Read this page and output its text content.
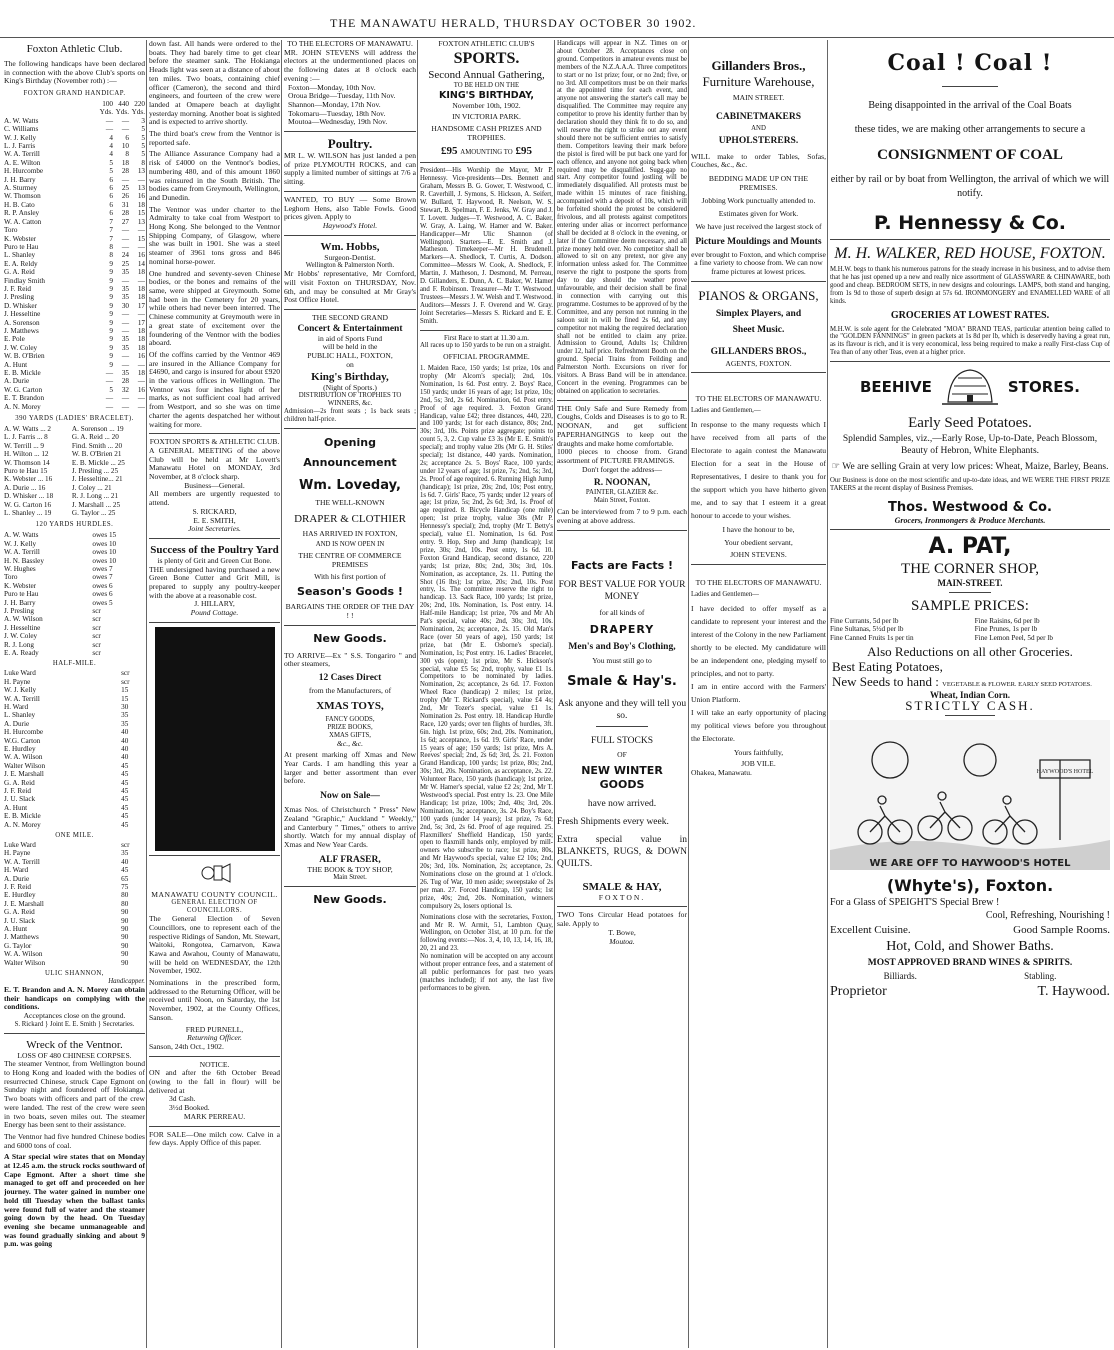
THE MANAWATU HERALD, THURSDAY OCTOBER 30 1902.
Foxton Athletic Club.
The following handicaps have been declared in connection with the above Club's sports on King's Birthday (November roth) :—
FOXTON GRAND HANDICAP.
	100 Yds.	440 Yds.	220 Yds.
A. W. Watts	—	—	3
C. Williams	—	—	5
W. J. Kelly	4	6	5
L. J. Farris	4	10	5
W. A. Terrill	4	8	5
A. E. Wilton	5	18	8
H. Hurcombe	5	28	13
J. H. Barry	6	—	—
A. Sturmey	6	25	13
W. Thomson	6	26	16
H. B. Cato	6	31	18
R. P. Ansley	6	28	15
W. A. Catton	7	27	13
Toro	7	—	—
K. Webster	7	—	15
Puro te Hau	8	—	—
L. Shanley	8	24	16
E. A. Reldy	9	25	14
G. A. Reid	9	35	18
Findlay Smith	9	—	—
J. F. Reid	9	35	18
J. Presling	9	35	18
D. Whisker	9	30	17
J. Hesseltine	9	—	—
A. Sorenson	9	—	17
J. Matthews	9	—	18
E. Pole	9	35	18
J. W. Coley	9	35	18
W. B. O'Brien	9	—	16
A. Hunt	9	—	—
E. B. Mickle	—	35	18
A. Durie	—	28	—
W. G. Carton	5	32	16
E. T. Brandon	—	—	—
A. N. Morey	—	—	—
390 YARDS (LADIES' BRACELET).
A. W. Watts ... 2	A. Sorenson ... 19
L. J. Farris ... 8	G. A. Reid ... 20
W. Terrill ... 9	Find. Smith ... 20
H. Wilton ... 12	W. B. O'Brien 21
W. Thomson 14	E. B. Mickle ... 25
Puro te Hau 15	J. Presling ... 25
K. Webster ... 16	J. Hesseltine... 21
A. Durie ... 16	J. Coley ... 21
D. Whisker ... 18	R. J. Long ... 21
W. G. Carton 16	J. Marshall ... 25
L. Shanley ... 19	G. Taylor ... 25
120 YARDS HURDLES.
A. W. Watts	owes 15
W. J. Kelly	owes 10
W. A. Terrill	owes 10
H. N. Bassley	owes 10
W. Hughes	owes 7
Toro	owes 7
K. Webster	owes 6
Puro te Hau	owes 6
J. H. Barry	owes 5
J. Presling	scr
A. W. Wilson	scr
J. Hesseltine	scr
J. W. Coley	scr
R. J. Long	scr
E. A. Ready	scr
HALF-MILE.
Luke Ward	scr
H. Payne	scr
W. J. Kelly	15
W. A. Terrill	15
H. Ward	30
L. Shanley	35
A. Durie	35
H. Hurcombe	40
W.G. Carton	40
E. Hurdley	40
W. A. Wilson	40
Walter Wilson	45
J. E. Marshall	45
G. A. Reid	45
J. F. Reid	45
J. U. Slack	45
A. Hunt	45
E. B. Mickle	45
A. N. Morey	45
ONE MILE.
Luke Ward	scr
H. Payne	35
W. A. Terrill	40
H. Ward	45
A. Durie	65
J. F. Reid	75
E. Hurdley	80
J. E. Marshall	80
G. A. Reid	90
J. U. Slack	90
A. Hunt	90
J. Matthews	90
G. Taylor	90
W. A. Wilson	90
Walter Wilson	90
ULIC SHANNON,
Handicapper.
E. T. Brandon and A. N. Morey can obtain their handicaps on complying with the conditions.
Acceptances close on the ground.
S. Rickard } Joint E. E. Smith } Secretaries.
Wreck of the Ventnor.
LOSS OF 480 CHINESE CORPSES.
The steamer Ventnor, from Wellington bound to Hong Kong and loaded with the bodies of resurrected Chinese, struck Cape Egmont on Sunday night and foundered off Hokianga. Two boats with officers and part of the crew were landed. The rest of the crew were seen in two boats, seven miles out. The steamer Energy has been sent to their assistance.
The Ventnor had five hundred Chinese bodies and 6000 tons of coal.
A Star special wire states that on Monday at 12.45 a.m. the struck rocks southward of Cape Egmont. After a short time she managed to get off and proceeded on her journey. The water gained in number one hold till Tuesday when the ballast tanks were found full of water and the steamer going down by the head. On Tuesday evening she became unmanageable and was found gradually sinking and about 9 p.m. was going
down fast. All hands were ordered to the boats. They had barely time to get clear before the steamer sank. The Hokianga Heads light was seen at a distance of about ten miles. Two boats, containing chief officer (Cameron), the second and third engineers, and fourteen of the crew were landed at Omapere beach at daylight yesterday morning. Another boat is sighted and is expected to arrive shortly.
The third boat's crew from the Ventnor is reported safe.
The Alliance Assurance Company had a risk of £4000 on the Ventnor's bodies, numbering 480, and of this amount 1860 was reinsured in the South British. The bodies came from Greymouth, Wellington, and Dunedin.
The Ventnor was under charter to the Admiralty to take coal from Westport to Hong Kong. She belonged to the Ventnor Shipping Company, of Glasgow, where she was built in 1901. She was a steel steamer of 3961 tons gross and 846 nominal horse-power.
One hundred and seventy-seven Chinese bodies, or the bones and remains of the same, were shipped at Greymouth. Some had been in the Cemetery for 20 years, while others had never been interred. The Chinese community at Greymouth were in a great state of excitement over the foundering of the Ventnor with the bodies aboard.
Of the coffins carried by the Ventnor 469 are insured in the Alliance Company for £4690, and cargo is insured for about £920 in the various offices in Wellington. The Ventnor was four inches light of her marks, as not sufficient coal had arrived from Westport, and so she was on time charter the agents despatched her without waiting for more.
FOXTON SPORTS & ATHLETIC CLUB.
A GENERAL MEETING of the above Club will be held at Mr Lovett's Manawatu Hotel on MONDAY, 3rd November, at 8 o'clock sharp.
Business—General.
All members are urgently requested to attend.
S. RICKARD,
E. E. SMITH,
Joint Secretaries.
Success of the Poultry Yard
is plenty of Grit and Green Cut Bone.
THE undersigned having purchased a new Green Bone Cutter and Grit Mill, is prepared to supply any poultry-keeper with the above at a reasonable cost.
J. HILLARY,
Pound Cottage.
MANAWATU COUNTY COUNCIL.
GENERAL ELECTION OF COUNCILLORS.
The General Election of Seven Councillors, one to represent each of the respective Ridings of Sandon, Mt. Stewart, Waitoki, Rongotea, Carnarvon, Kawa Kawa and Awahou, County of Manawatu, will be held on WEDNESDAY, the 12th November, 1902.
Nominations in the prescribed form, addressed to the Returning Officer, will be received until Noon, on Saturday, the 1st November, 1902, at the County Offices, Sanson.
FRED PURNELL,
Returning Officer.
Sanson, 24th Oct., 1902.
NOTICE.
ON and after the 6th October Bread (owing to the fall in flour) will be delivered at
3d Cash.
3½d Booked.
MARK PERREAU.
FOR SALE—One milch cow. Calve in a few days. Apply Office of this paper.
TO THE ELECTORS OF MANAWATU.
MR. JOHN STEVENS will address the electors at the undermentioned places on the following dates at 8 o'clock each evening :—
Foxton—Monday, 10th Nov.
Oroua Bridge—Tuesday, 11th Nov.
Shannon—Monday, 17th Nov.
Tokomaru—Tuesday, 18th Nov.
Moutoa—Wednesday, 19th Nov.
Poultry.
MR L. W. WILSON has just landed a pen of prize PLYMOUTH ROCKS, and can supply a limited number of sittings at 7/6 a sitting.
WANTED, TO BUY — Some Brown Leghorn Hens, also Table Fowls. Good prices given. Apply to
Haywood's Hotel.
Wm. Hobbs,
Surgeon-Dentist.
Wellington & Palmerston North.
Mr Hobbs' representative, Mr Cornford, will visit Foxton on THURSDAY, Nov. 6th, and may be consulted at Mr Gray's Post Office Hotel.
THE SECOND GRAND
Concert & Entertainment
in aid of Sports Fund
will be held in the
PUBLIC HALL, FOXTON,
on
King's Birthday,
(Night of Sports.)
DISTRIBUTION OF TROPHIES TO WINNERS, &c.
Admission—2s front seats ; 1s back seats ; children half-price.
Opening Announcement
Wm. Loveday,
THE WELL-KNOWN
DRAPER & CLOTHIER
HAS ARRIVED IN FOXTON,
AND IS NOW OPEN IN
THE CENTRE OF COMMERCE
PREMISES
With his first portion of
Season's Goods !
BARGAINS THE ORDER OF THE DAY ! !
New Goods.
TO ARRIVE—Ex " S.S. Tongariro " and other steamers,
12 Cases Direct
from the Manufacturers, of
XMAS TOYS,
FANCY GOODS,
PRIZE BOOKS,
XMAS GIFTS,
&c., &c.
At present marking off Xmas and New Year Cards. I am handling this year a larger and better assortment than ever before.
Now on Sale—
Xmas Nos. of Christchurch " Press" New Zealand "Graphic," Auckland " Weekly," and Canterbury " Times," others to arrive shortly. Watch for my annual display of Xmas and New Year Cards.
ALF FRASER,
THE BOOK & TOY SHOP,
Main Street.
New Goods.
FOXTON ATHLETIC CLUB'S
SPORTS.
Second Annual Gathering,
TO BE HELD ON THE
KING'S BIRTHDAY,
November 10th, 1902.
IN VICTORIA PARK.
HANDSOME CASH PRIZES AND TROPHIES.
£95 AMOUNTING TO £95
President—His Worship the Mayor, Mr P. Hennessy. Vice-presidents—Drs. Bennett and Graham, Messrs B. G. Gower, T. Westwood, C. R. Caverhill, J. Symons, S. Hickson, A. Seifert, W. Bullard, T. Haywood, R. Neelson, W. S. Stewart, B. Spelman, F. E. Jenks, W. Gray and J. T. Lovett. Judges—T. Westwood, A. C. Baker, W. Gray, A. Laing, W. Hamer and W. Baker. Handicapper—Mr Ulic Shannon (of Wellington). Starters—E. E. Smith and J. Matheson. Timekeeper—Mr H. Brudenell. Markers—A. Shedlock, T. Curtis, A. Dodson. Committee—Messrs W. Cook, A. Shedlock, F. Martin, J. Matheson, J. Desmond, M. Perreau, D. Gillanders, E. Dunn, A. C. Baker, W. Hamer and F. Robinson. Treasurer—Mr T. Westwood. Trustees—Messrs J. W. Welsh and T. Westwood. Auditors—Messrs J. F. Overend and W. Gray. Joint Secretaries—Messrs S. Rickard and E. E. Smith.
First Race to start at 11.30 a.m.
All races up to 150 yards to be run on a straight.
OFFICIAL PROGRAMME.
1. Maiden Race, 150 yards; 1st prize, 10s and trophy (Mr Alcorn's special); 2nd, 10s. Nomination, 1s 6d. Post entry. 2. Boys' Race, 150 yards; under 16 years of age; 1st prize, 10s; 2nd, 5s; 3rd, 2s 6d. Nomination, 6d. Post entry. Proof of age required. 3. Foxton Grand Handicap, value £42; three distances, 440, 220, and 100 yards; 1st for each distance, 80s; 2nd, 30s; 3rd, 10s. Points prize aggregate; points to count 5, 3, 2. Cup value £3 3s (Mr E. E. Smith's special); and trophy value 20s (Mr G. H. Stiles' special); 1st distance, 440 yards. Nomination, 2s; acceptance 2s. 5. Boys' Race, 100 yards; under 12 years of age; 1st prize, 7s; 2nd, 5s; 3rd, 2s. Proof of age required. 6. Running High Jump (handicap); 1st prize, 20s; 2nd, 10s; Post entry, 1s 6d. 7. Girls' Race, 75 yards; under 12 years of age; 1st prize, 5s; 2nd, 2s 6d; 3rd, 1s. Proof of age required. 8. Bicycle Handicap (one mile) open; 1st prize trophy, value 30s (Mr P. Hennessy's special); 2nd, trophy (Mr T. Betty's special), value £1. Nomination, 1s 6d. Post entry. 9. Hop, Step and Jump (handicap); 1st prize, 30s; 2nd, 10s. Post entry, 1s 6d. 10. Foxton Grand Handicap, second distance, 220 yards; 1st prize, 80s; 2nd, 30s; 3rd, 10s. Nomination, as acceptance, 2s. 11. Putting the Shot (16 lbs); 1st prize, 20s; 2nd, 10s. Post entry, 1s. The committee reserve the right to handicap. 13. Sack Race, 100 yards; 1st prize, 20s; 2nd, 10s. Nomination, 1s. Post entry. 14. Half-mile Handicap; 1st prize, 70s and Mr Ah Pat's special, value 40s; 2nd, 30s; 3rd, 10s. Nomination, 2s; acceptance, 2s. 15. Old Man's Race (over 50 years of age), 150 yards; 1st prize, bat (Mr E. Osborne's special). Nomination, 1s; Post entry. 16. Ladies' Bracelet, 300 yds (open); 1st prize, Mr S. Hickson's special, value £5 5s; 2nd, trophy, value £1 1s. Competitors to be nominated by ladies. Nomination, 2s; acceptance, 2s 6d. 17. Foxton Wheel Race (handicap) 2 miles; 1st prize, trophy (Mr T. Rickard's special), value £4 4s; 2nd, Mr Tozer's special, value £1 1s. Nomination 2s. Post entry. 18. Handicap Hurdle Race, 120 yards; over ten flights of hurdles, 3ft. 6in. high. 1st prize, 60s; 2nd, 20s. Nomination, 1s 6d; acceptance, 1s 6d. 19. Girls' Race, under 15 years of age; 150 yards; 1st prize, Mrs A. Reeves' special; 2nd, 2s 6d; 3rd, 2s. 21. Foxton Grand Handicap, 100 yards; 1st prize, 80s; 2nd, 30s; 3rd, 20s. Nomination, as acceptance, 2s. 22. Volunteer Race, 150 yards (handicap); 1st prize, Mr W. Hamer's special, value £2 2s; 2nd, Mr T. Westwood's special. Post entry 1s. 23. One Mile Handicap; 1st prize, 100s; 2nd, 40s; 3rd, 20s. Nomination, 3s; acceptance, 3s. 24. Boy's Race, 100 yards (under 14 years); 1st prize, 7s 6d; 2nd, 5s; 3rd, 2s 6d. Proof of age required. 25. Flaxmillers' Sheffield Handicap, 150 yards; open to flaxmill hands only, employed by mill-owners who subscribe to race; 1st prize, 80s, and Mr Haywood's special, value £2 10s; 2nd, 20s; 3rd, 10s. Nomination, 2s; acceptance, 2s. Nominations close on the ground at 1 o'clock. 26. Tug of War, 10 men aside; sweepstake of 2s per man. 27. Forced Handicap, 150 yards; 1st prize, 40s; 2nd, 20s. Nomination, winners compulsory 2s, losers optional 1s.
Nominations close with the secretaries, Foxton, and Mr R. W. Armit, 51, Lambton Quay, Wellington, on October 31st, at 10 p.m. for the following events:—Nos. 3, 4, 10, 13, 14, 16, 18, 20, 21 and 23.
No nomination will be accepted on any account without proper entrance fees, and a statement of all public performances for past two years (matches included); if not any, the last five performances to be given.
Handicaps will appear in N.Z. Times on or about October 28. Acceptances close on ground. Competitors in amateur events must be members of the N.Z.A.A.A. Three competitors to start or no 1st prize; four, or no 2nd; five, or no 3rd. All competitors must be on their marks at the appointed time for each event, and anyone not answering the starter's call may be disqualified. The Committee may require any competitor to prove his identity further than by declaration should they think fit to do so, and will reserve the right to strike out any event should there not be sufficient entries to satisfy them. Competitors leaving their mark before the pistol is fired will be put back one yard for each offence, and anyone not going back when required may be disqualified. Sugg-gap no start. Any competitor found jostling will be immediately disqualified. All protests must be made within 15 minutes of race finishing, accompanied with a deposit of 10s, which will be forfeited should the protest be considered frivolous, and all protests against competitors entering under alias or incorrect performance shall be decided at 8 o'clock in the evening, or later if the Committee deem necessary, and all prize money held over. No competitor shall be allowed to sit on any pretext, nor give any information unless asked for. The Committee reserve the right to postpone the sports from day to day should the weather prove unfavourable, and their decision shall be final in connection with carrying out this programme. Costumes to be approved of by the Committee, and any person not running in the saloon suit in will be fined 2s 6d, and any competitor not making the required declaration shall not be entitled to claim any prize. Admission to Ground, Adults 1s; Children under 12, half price. Refreshment Booth on the ground. Special Trains from Feilding and Palmerston North. Excursions on river for visitors. A Brass Band will be in attendance. Concert in the evening. Programmes can be obtained on application to secretaries.
THE Only Safe and Sure Remedy from Coughs, Colds and Diseases is to go to R. NOONAN, and get sufficient PAPERHANGINGS to keep out the draughts and make home comfortable.
1000 pieces to choose from. Grand assortment of PICTURE FRAMINGS.
Don't forget the address—
R. NOONAN,
PAINTER, GLAZIER &c.
Main Street, Foxton.
Can be interviewed from 7 to 9 p.m. each evening at above address.
Facts are Facts !
FOR BEST VALUE FOR YOUR MONEY
for all kinds of
DRAPERY
Men's and Boy's Clothing,
You must still go to
Smale & Hay's.
Ask anyone and they will tell you so.
FULL STOCKS
OF
NEW WINTER GOODS
have now arrived.
Fresh Shipments every week.
Extra special value in BLANKETS, RUGS, & DOWN QUILTS.
SMALE & HAY,
FOXTON.
TWO Tons Circular Head potatoes for sale. Apply to
T. Bowe,
Moutoa.
Gillanders Bros.,
Furniture Warehouse,
MAIN STREET.
CABINETMAKERS
AND
UPHOLSTERERS.
WILL make to order Tables, Sofas, Couches, &c., &c.
BEDDING MADE UP ON THE PREMISES.
Jobbing Work punctually attended to.
Estimates given for Work.
We have just received the largest stock of
Picture Mouldings and Mounts
ever brought to Foxton, and which comprise a fine variety to choose from. We can now frame pictures at lowest prices.
PIANOS & ORGANS,
Simplex Players, and
Sheet Music.
GILLANDERS BROS.,
AGENTS, FOXTON.
TO THE ELECTORS OF MANAWATU.
Ladies and Gentlemen,—
In response to the many requests which I have received from all parts of the Electorate to again contest the Manawatu Election for a seat in the House of Representatives, I desire to thank you for the support which you have hitherto given me, and to say that I esteem it a great honour to accede to your wishes.
I have the honour to be,
Your obedient servant,
JOHN STEVENS.
TO THE ELECTORS OF MANAWATU.
Ladies and Gentlemen—
I have decided to offer myself as a candidate to represent your interest and the interest of the Colony in the new Parliament shortly to be elected. My candidature will be an independent one, pledging myself to principles, and not to party.
I am in entire accord with the Farmers' Union Platform.
I will take an early opportunity of placing my political views before you throughout the Electorate.
Yours faithfully,
JOB VILE.
Ohakea, Manawatu.
Coal ! Coal !
Being disappointed in the arrival of the Coal Boats
these tides, we are making other arrangements to secure a
CONSIGNMENT OF COAL
either by rail or by boat from Wellington, the arrival of which we will notify.
P. Hennessy & Co.
M. H. WALKER, RED HOUSE, FOXTON.
M.H.W. begs to thank his numerous patrons for the steady increase in his business, and to advise them that he has just opened up a new and really nice assortment of GLASSWARE & CHINAWARE, both good and cheap. BEDROOM SETS, in new designs and colourings. LAMPS, both stand and hanging, from 1s 9d to those of superb design at 57s 6d. IRONMONGERY and ENAMELLED WARE of all kinds.
GROCERIES AT LOWEST RATES.
M.H.W. is sole agent for the Celebrated "MOA" BRAND TEAS, particular attention being called to the "GOLDEN FANNINGS" in green packets at 1s 8d per lb, which is deservedly having a great run, as its flavour is rich, and it is very economical, less being required to make a really First-class Cup of Tea than of any other Teas, even at a higher price.
BEEHIVE	STORES.
Early Seed Potatoes.
Splendid Samples, viz.,—Early Rose, Up-to-Date, Peach Blossom, Beauty of Hebron, White Elephants.
☞ We are selling Grain at very low prices: Wheat, Maize, Barley, Beans.
Our Business is done on the most scientific and up-to-date ideas, and WE WERE THE FIRST PRIZE TAKERS at the recent display of Business Premises.
Thos. Westwood & Co.
Grocers, Ironmongers & Produce Merchants.
A. PAT,
THE CORNER SHOP,
MAIN-STREET.
SAMPLE PRICES:
Fine Currants, 5d per lb	Fine Raisins, 6d per lb
Fine Sultanas, 5½d per lb	Fine Prunes, 1s per lb
Fine Canned Fruits 1s per tin	Fine Lemon Peel, 5d per lb
Also Reductions on all other Groceries.
Best Eating Potatoes,
New Seeds to hand : VEGETABLE & FLOWER. EARLY SEED POTATOES.
Wheat, Indian Corn.
STRICTLY CASH.
HAYWOOD'S HOTEL
WE ARE OFF TO HAYWOOD'S HOTEL
(Whyte's), Foxton.
For a Glass of SPEIGHT'S Special Brew !
Cool, Refreshing, Nourishing !
Excellent Cuisine.	Good Sample Rooms.
Hot, Cold, and Shower Baths.
MOST APPROVED BRAND WINES & SPIRITS.
Billiards.	Stabling.
Proprietor	T. Haywood.
